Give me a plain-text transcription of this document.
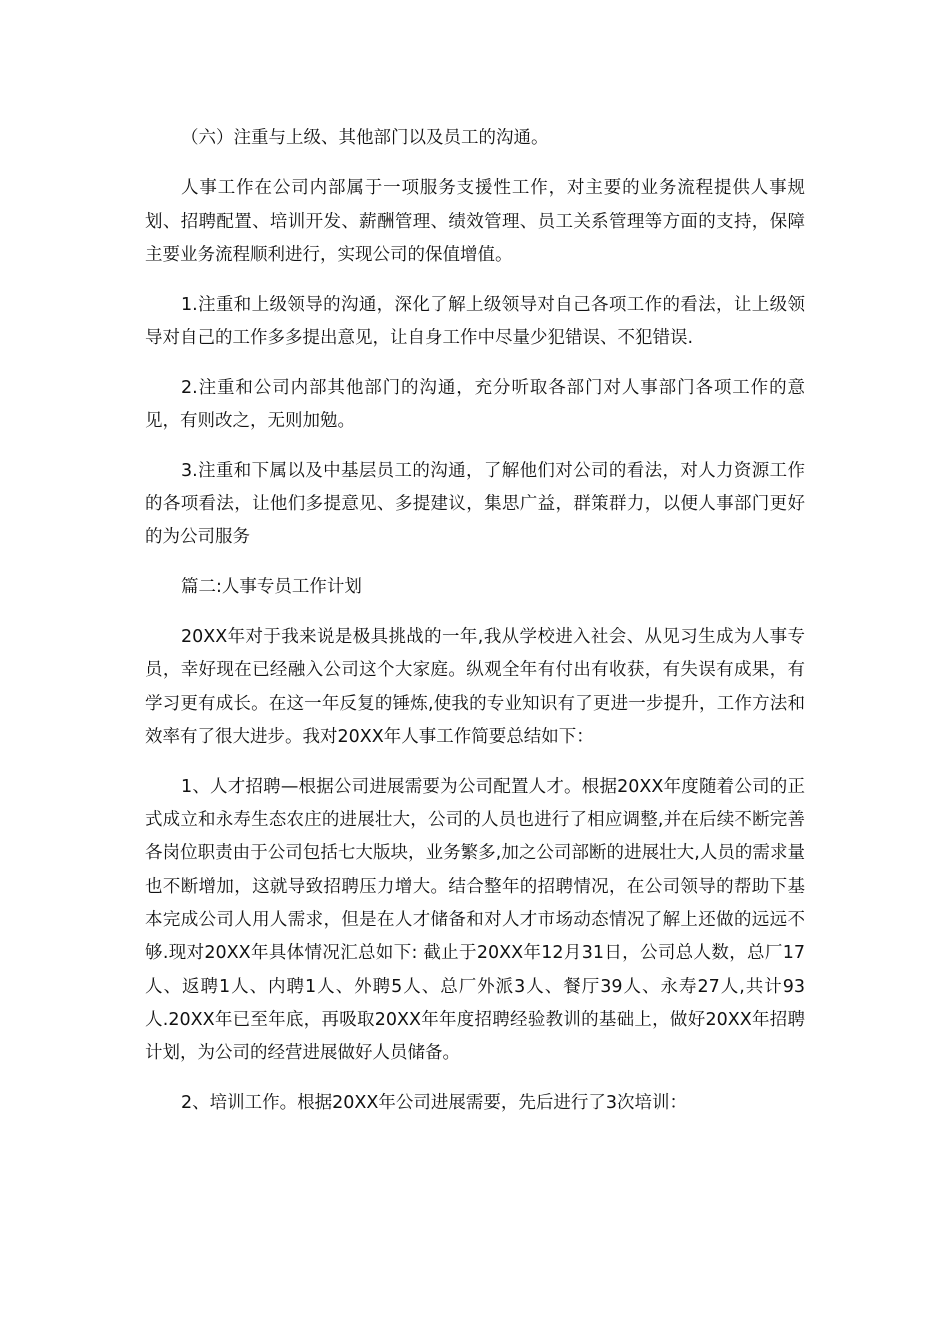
（六）注重与上级、其他部门以及员工的沟通。

人事工作在公司内部属于一项服务支援性工作，对主要的业务流程提供人事规划、招聘配置、培训开发、薪酬管理、绩效管理、员工关系管理等方面的支持，保障主要业务流程顺利进行，实现公司的保值增值。

1.注重和上级领导的沟通，深化了解上级领导对自己各项工作的看法，让上级领导对自己的工作多多提出意见，让自身工作中尽量少犯错误、不犯错误.

2.注重和公司内部其他部门的沟通，充分听取各部门对人事部门各项工作的意见，有则改之，无则加勉。

3.注重和下属以及中基层员工的沟通，了解他们对公司的看法，对人力资源工作的各项看法，让他们多提意见、多提建议，集思广益，群策群力，以便人事部门更好的为公司服务

篇二:人事专员工作计划

20XX年对于我来说是极具挑战的一年,我从学校进入社会、从见习生成为人事专员，幸好现在已经融入公司这个大家庭。纵观全年有付出有收获，有失误有成果，有学习更有成长。在这一年反复的锤炼,使我的专业知识有了更进一步提升，工作方法和效率有了很大进步。我对20XX年人事工作简要总结如下：

1、人才招聘—根据公司进展需要为公司配置人才。根据20XX年度随着公司的正式成立和永寿生态农庄的进展壮大，公司的人员也进行了相应调整,并在后续不断完善各岗位职责由于公司包括七大版块，业务繁多,加之公司部断的进展壮大,人员的需求量也不断增加，这就导致招聘压力增大。结合整年的招聘情况，在公司领导的帮助下基本完成公司人用人需求，但是在人才储备和对人才市场动态情况了解上还做的远远不够.现对20XX年具体情况汇总如下: 截止于20XX年12月31日，公司总人数，总厂17人、返聘1人、内聘1人、外聘5人、总厂外派3人、餐厅39人、永寿27人,共计93人.20XX年已至年底，再吸取20XX年年度招聘经验教训的基础上，做好20XX年招聘计划，为公司的经营进展做好人员储备。

2、培训工作。根据20XX年公司进展需要，先后进行了3次培训：
